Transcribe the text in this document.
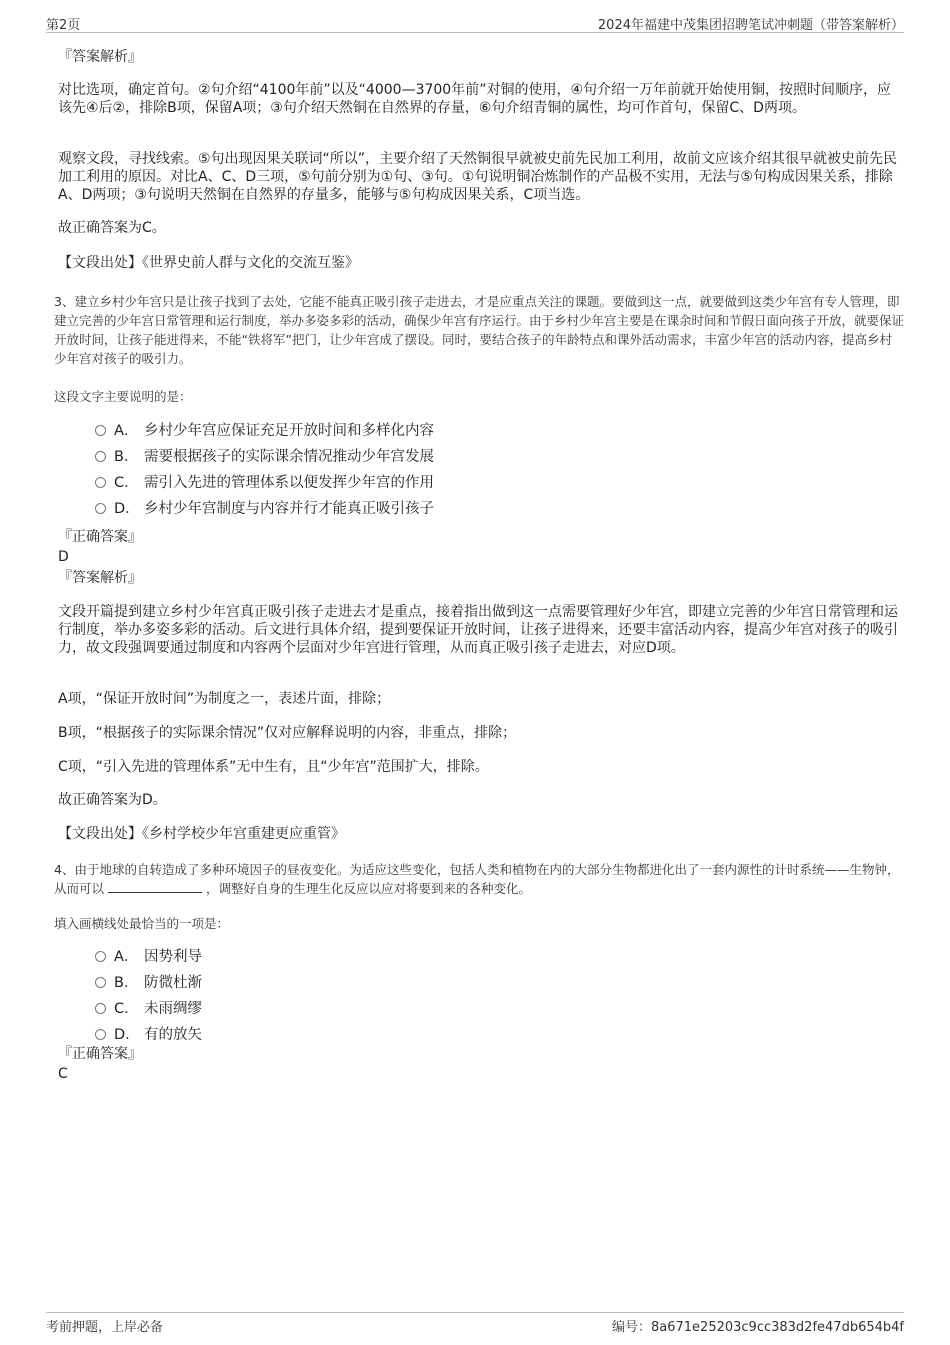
第2页	2024年福建中茂集团招聘笔试冲刺题（带答案解析）
『答案解析』
对比选项，确定首句。②句介绍“4100年前”以及“4000—3700年前”对铜的使用，④句介绍一万年前就开始使用铜，按照时间顺序，应该先④后②，排除B项，保留A项；③句介绍天然铜在自然界的存量，⑥句介绍青铜的属性，均可作首句，保留C、D两项。
观察文段，寻找线索。⑤句出现因果关联词“所以”，主要介绍了天然铜很早就被史前先民加工利用，故前文应该介绍其很早就被史前先民加工利用的原因。对比A、C、D三项，⑤句前分别为①句、③句。①句说明铜冶炼制作的产品极不实用，无法与⑤句构成因果关系，排除A、D两项；③句说明天然铜在自然界的存量多，能够与⑤句构成因果关系，C项当选。
故正确答案为C。
【文段出处】《世界史前人群与文化的交流互鉴》
3、建立乡村少年宫只是让孩子找到了去处，它能不能真正吸引孩子走进去，才是应重点关注的课题。要做到这一点，就要做到这类少年宫有专人管理，即建立完善的少年宫日常管理和运行制度，举办多姿多彩的活动，确保少年宫有序运行。由于乡村少年宫主要是在课余时间和节假日面向孩子开放，就要保证开放时间，让孩子能进得来，不能“铁将军”把门，让少年宫成了摆设。同时，要结合孩子的年龄特点和课外活动需求，丰富少年宫的活动内容，提高乡村少年宫对孩子的吸引力。
这段文字主要说明的是：
A． 乡村少年宫应保证充足开放时间和多样化内容
B． 需要根据孩子的实际课余情况推动少年宫发展
C． 需引入先进的管理体系以便发挥少年宫的作用
D． 乡村少年宫制度与内容并行才能真正吸引孩子
『正确答案』
D
『答案解析』
文段开篇提到建立乡村少年宫真正吸引孩子走进去才是重点，接着指出做到这一点需要管理好少年宫，即建立完善的少年宫日常管理和运行制度，举办多姿多彩的活动。后文进行具体介绍，提到要保证开放时间，让孩子进得来，还要丰富活动内容，提高少年宫对孩子的吸引力，故文段强调要通过制度和内容两个层面对少年宫进行管理，从而真正吸引孩子走进去，对应D项。
A项，“保证开放时间”为制度之一，表述片面，排除；
B项，“根据孩子的实际课余情况”仅对应解释说明的内容，非重点，排除；
C项，“引入先进的管理体系”无中生有，且“少年宫”范围扩大，排除。
故正确答案为D。
【文段出处】《乡村学校少年宫重建更应重管》
4、由于地球的自转造成了多种环境因子的昼夜变化。为适应这些变化，包括人类和植物在内的大部分生物都进化出了一套内源性的计时系统——生物钟，从而可以	，调整好自身的生理生化反应以应对将要到来的各种变化。
填入画横线处最恰当的一项是：
A． 因势利导
B． 防微杜渐
C． 未雨绸缪
D． 有的放矢
『正确答案』
C
考前押题，上岸必备	编号：8a671e25203c9cc383d2fe47db654b4f
